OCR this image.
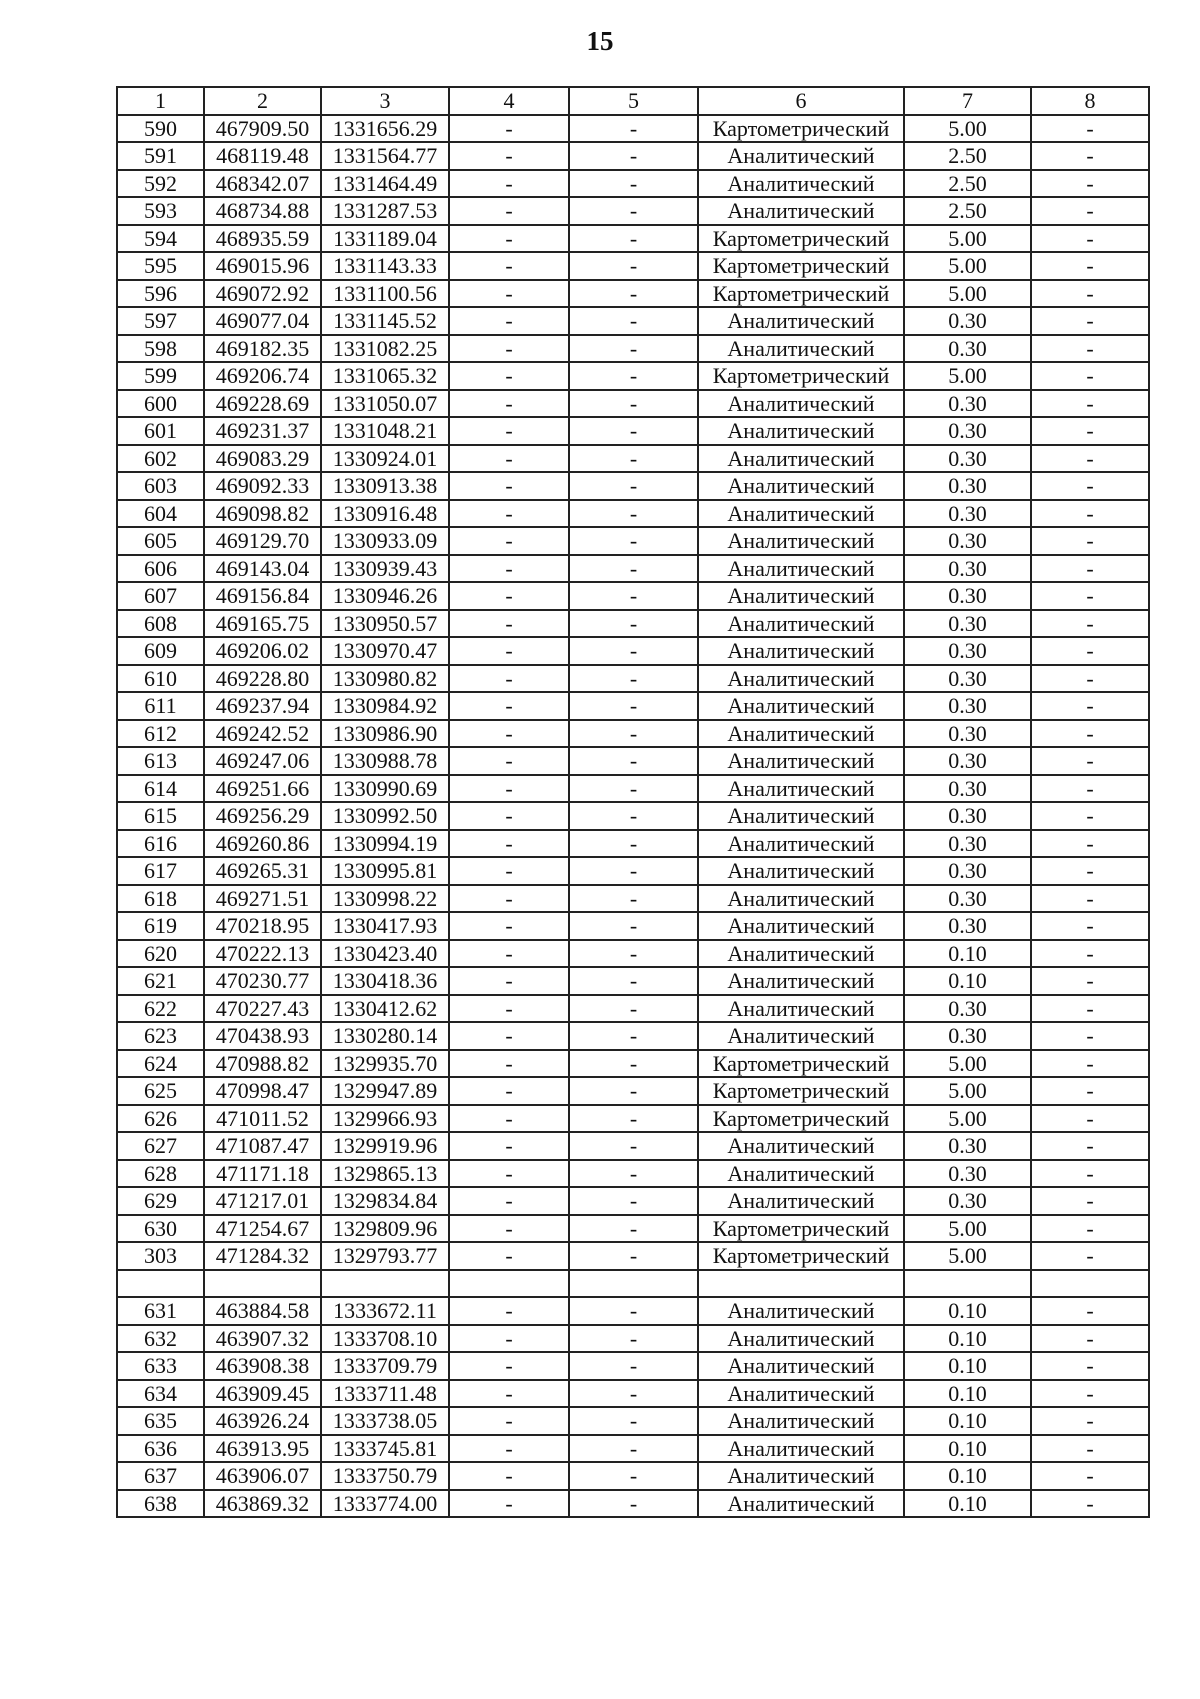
15
1	2	3	4	5	6	7	8
590	467909.50	1331656.29	-	-	Картометрический	5.00	-
591	468119.48	1331564.77	-	-	Аналитический	2.50	-
592	468342.07	1331464.49	-	-	Аналитический	2.50	-
593	468734.88	1331287.53	-	-	Аналитический	2.50	-
594	468935.59	1331189.04	-	-	Картометрический	5.00	-
595	469015.96	1331143.33	-	-	Картометрический	5.00	-
596	469072.92	1331100.56	-	-	Картометрический	5.00	-
597	469077.04	1331145.52	-	-	Аналитический	0.30	-
598	469182.35	1331082.25	-	-	Аналитический	0.30	-
599	469206.74	1331065.32	-	-	Картометрический	5.00	-
600	469228.69	1331050.07	-	-	Аналитический	0.30	-
601	469231.37	1331048.21	-	-	Аналитический	0.30	-
602	469083.29	1330924.01	-	-	Аналитический	0.30	-
603	469092.33	1330913.38	-	-	Аналитический	0.30	-
604	469098.82	1330916.48	-	-	Аналитический	0.30	-
605	469129.70	1330933.09	-	-	Аналитический	0.30	-
606	469143.04	1330939.43	-	-	Аналитический	0.30	-
607	469156.84	1330946.26	-	-	Аналитический	0.30	-
608	469165.75	1330950.57	-	-	Аналитический	0.30	-
609	469206.02	1330970.47	-	-	Аналитический	0.30	-
610	469228.80	1330980.82	-	-	Аналитический	0.30	-
611	469237.94	1330984.92	-	-	Аналитический	0.30	-
612	469242.52	1330986.90	-	-	Аналитический	0.30	-
613	469247.06	1330988.78	-	-	Аналитический	0.30	-
614	469251.66	1330990.69	-	-	Аналитический	0.30	-
615	469256.29	1330992.50	-	-	Аналитический	0.30	-
616	469260.86	1330994.19	-	-	Аналитический	0.30	-
617	469265.31	1330995.81	-	-	Аналитический	0.30	-
618	469271.51	1330998.22	-	-	Аналитический	0.30	-
619	470218.95	1330417.93	-	-	Аналитический	0.30	-
620	470222.13	1330423.40	-	-	Аналитический	0.10	-
621	470230.77	1330418.36	-	-	Аналитический	0.10	-
622	470227.43	1330412.62	-	-	Аналитический	0.30	-
623	470438.93	1330280.14	-	-	Аналитический	0.30	-
624	470988.82	1329935.70	-	-	Картометрический	5.00	-
625	470998.47	1329947.89	-	-	Картометрический	5.00	-
626	471011.52	1329966.93	-	-	Картометрический	5.00	-
627	471087.47	1329919.96	-	-	Аналитический	0.30	-
628	471171.18	1329865.13	-	-	Аналитический	0.30	-
629	471217.01	1329834.84	-	-	Аналитический	0.30	-
630	471254.67	1329809.96	-	-	Картометрический	5.00	-
303	471284.32	1329793.77	-	-	Картометрический	5.00	-

631	463884.58	1333672.11	-	-	Аналитический	0.10	-
632	463907.32	1333708.10	-	-	Аналитический	0.10	-
633	463908.38	1333709.79	-	-	Аналитический	0.10	-
634	463909.45	1333711.48	-	-	Аналитический	0.10	-
635	463926.24	1333738.05	-	-	Аналитический	0.10	-
636	463913.95	1333745.81	-	-	Аналитический	0.10	-
637	463906.07	1333750.79	-	-	Аналитический	0.10	-
638	463869.32	1333774.00	-	-	Аналитический	0.10	-
